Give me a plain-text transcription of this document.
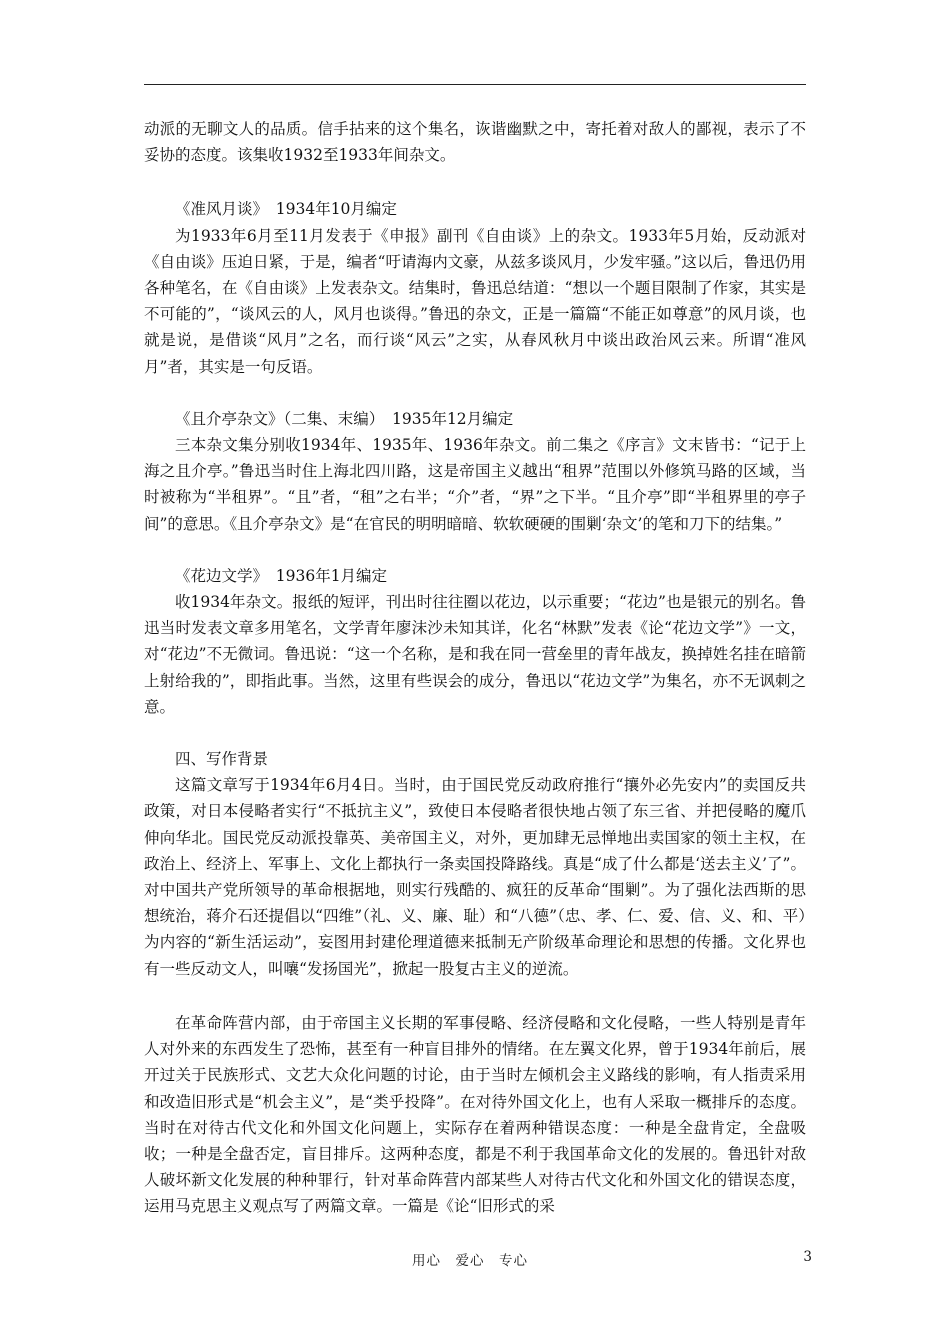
动派的无聊文人的品质。信手拈来的这个集名，诙谐幽默之中，寄托着对敌人的鄙视，表示了不妥协的态度。该集收1932至1933年间杂文。

《准风月谈》　1934年10月编定

为1933年6月至11月发表于《申报》副刊《自由谈》上的杂文。1933年5月始，反动派对《自由谈》压迫日紧，于是，编者“吁请海内文豪，从兹多谈风月，少发牢骚。”这以后，鲁迅仍用各种笔名，在《自由谈》上发表杂文。结集时，鲁迅总结道：“想以一个题目限制了作家，其实是不可能的”，“谈风云的人，风月也谈得。”鲁迅的杂文，正是一篇篇“不能正如尊意”的风月谈，也就是说，是借谈“风月”之名，而行谈“风云”之实，从春风秋月中谈出政治风云来。所谓“准风月”者，其实是一句反语。

《且介亭杂文》（二集、末编）　1935年12月编定

三本杂文集分别收1934年、1935年、1936年杂文。前二集之《序言》文末皆书：“记于上海之且介亭。”鲁迅当时住上海北四川路，这是帝国主义越出“租界”范围以外修筑马路的区域，当时被称为“半租界”。“且”者，“租”之右半；“介”者，“界”之下半。“且介亭”即“半租界里的亭子间”的意思。《且介亭杂文》是“在官民的明明暗暗、软软硬硬的围剿‘杂文’的笔和刀下的结集。”

《花边文学》　1936年1月编定

收1934年杂文。报纸的短评，刊出时往往圈以花边，以示重要；“花边”也是银元的别名。鲁迅当时发表文章多用笔名，文学青年廖沫沙未知其详，化名“林默”发表《论“花边文学”》一文，对“花边”不无微词。鲁迅说：“这一个名称，是和我在同一营垒里的青年战友，换掉姓名挂在暗箭上射给我的”，即指此事。当然，这里有些误会的成分，鲁迅以“花边文学”为集名，亦不无讽刺之意。

四、写作背景

这篇文章写于1934年6月4日。当时，由于国民党反动政府推行“攘外必先安内”的卖国反共政策，对日本侵略者实行“不抵抗主义”，致使日本侵略者很快地占领了东三省、并把侵略的魔爪伸向华北。国民党反动派投靠英、美帝国主义，对外，更加肆无忌惮地出卖国家的领土主权，在政治上、经济上、军事上、文化上都执行一条卖国投降路线。真是“成了什么都是‘送去主义’了”。对中国共产党所领导的革命根据地，则实行残酷的、疯狂的反革命“围剿”。为了强化法西斯的思想统治，蒋介石还提倡以“四维”（礼、义、廉、耻）和“八德”（忠、孝、仁、爱、信、义、和、平）为内容的“新生活运动”，妄图用封建伦理道德来抵制无产阶级革命理论和思想的传播。文化界也有一些反动文人，叫嚷“发扬国光”，掀起一股复古主义的逆流。

在革命阵营内部，由于帝国主义长期的军事侵略、经济侵略和文化侵略，一些人特别是青年人对外来的东西发生了恐怖，甚至有一种盲目排外的情绪。在左翼文化界，曾于1934年前后，展开过关于民族形式、文艺大众化问题的讨论，由于当时左倾机会主义路线的影响，有人指责采用和改造旧形式是“机会主义”，是“类乎投降”。在对待外国文化上，也有人采取一概排斥的态度。当时在对待古代文化和外国文化问题上，实际存在着两种错误态度：一种是全盘肯定，全盘吸收；一种是全盘否定，盲目排斥。这两种态度，都是不利于我国革命文化的发展的。鲁迅针对敌人破坏新文化发展的种种罪行，针对革命阵营内部某些人对待古代文化和外国文化的错误态度，运用马克思主义观点写了两篇文章。一篇是《论“旧形式的采

用心　爱心　专心	3
